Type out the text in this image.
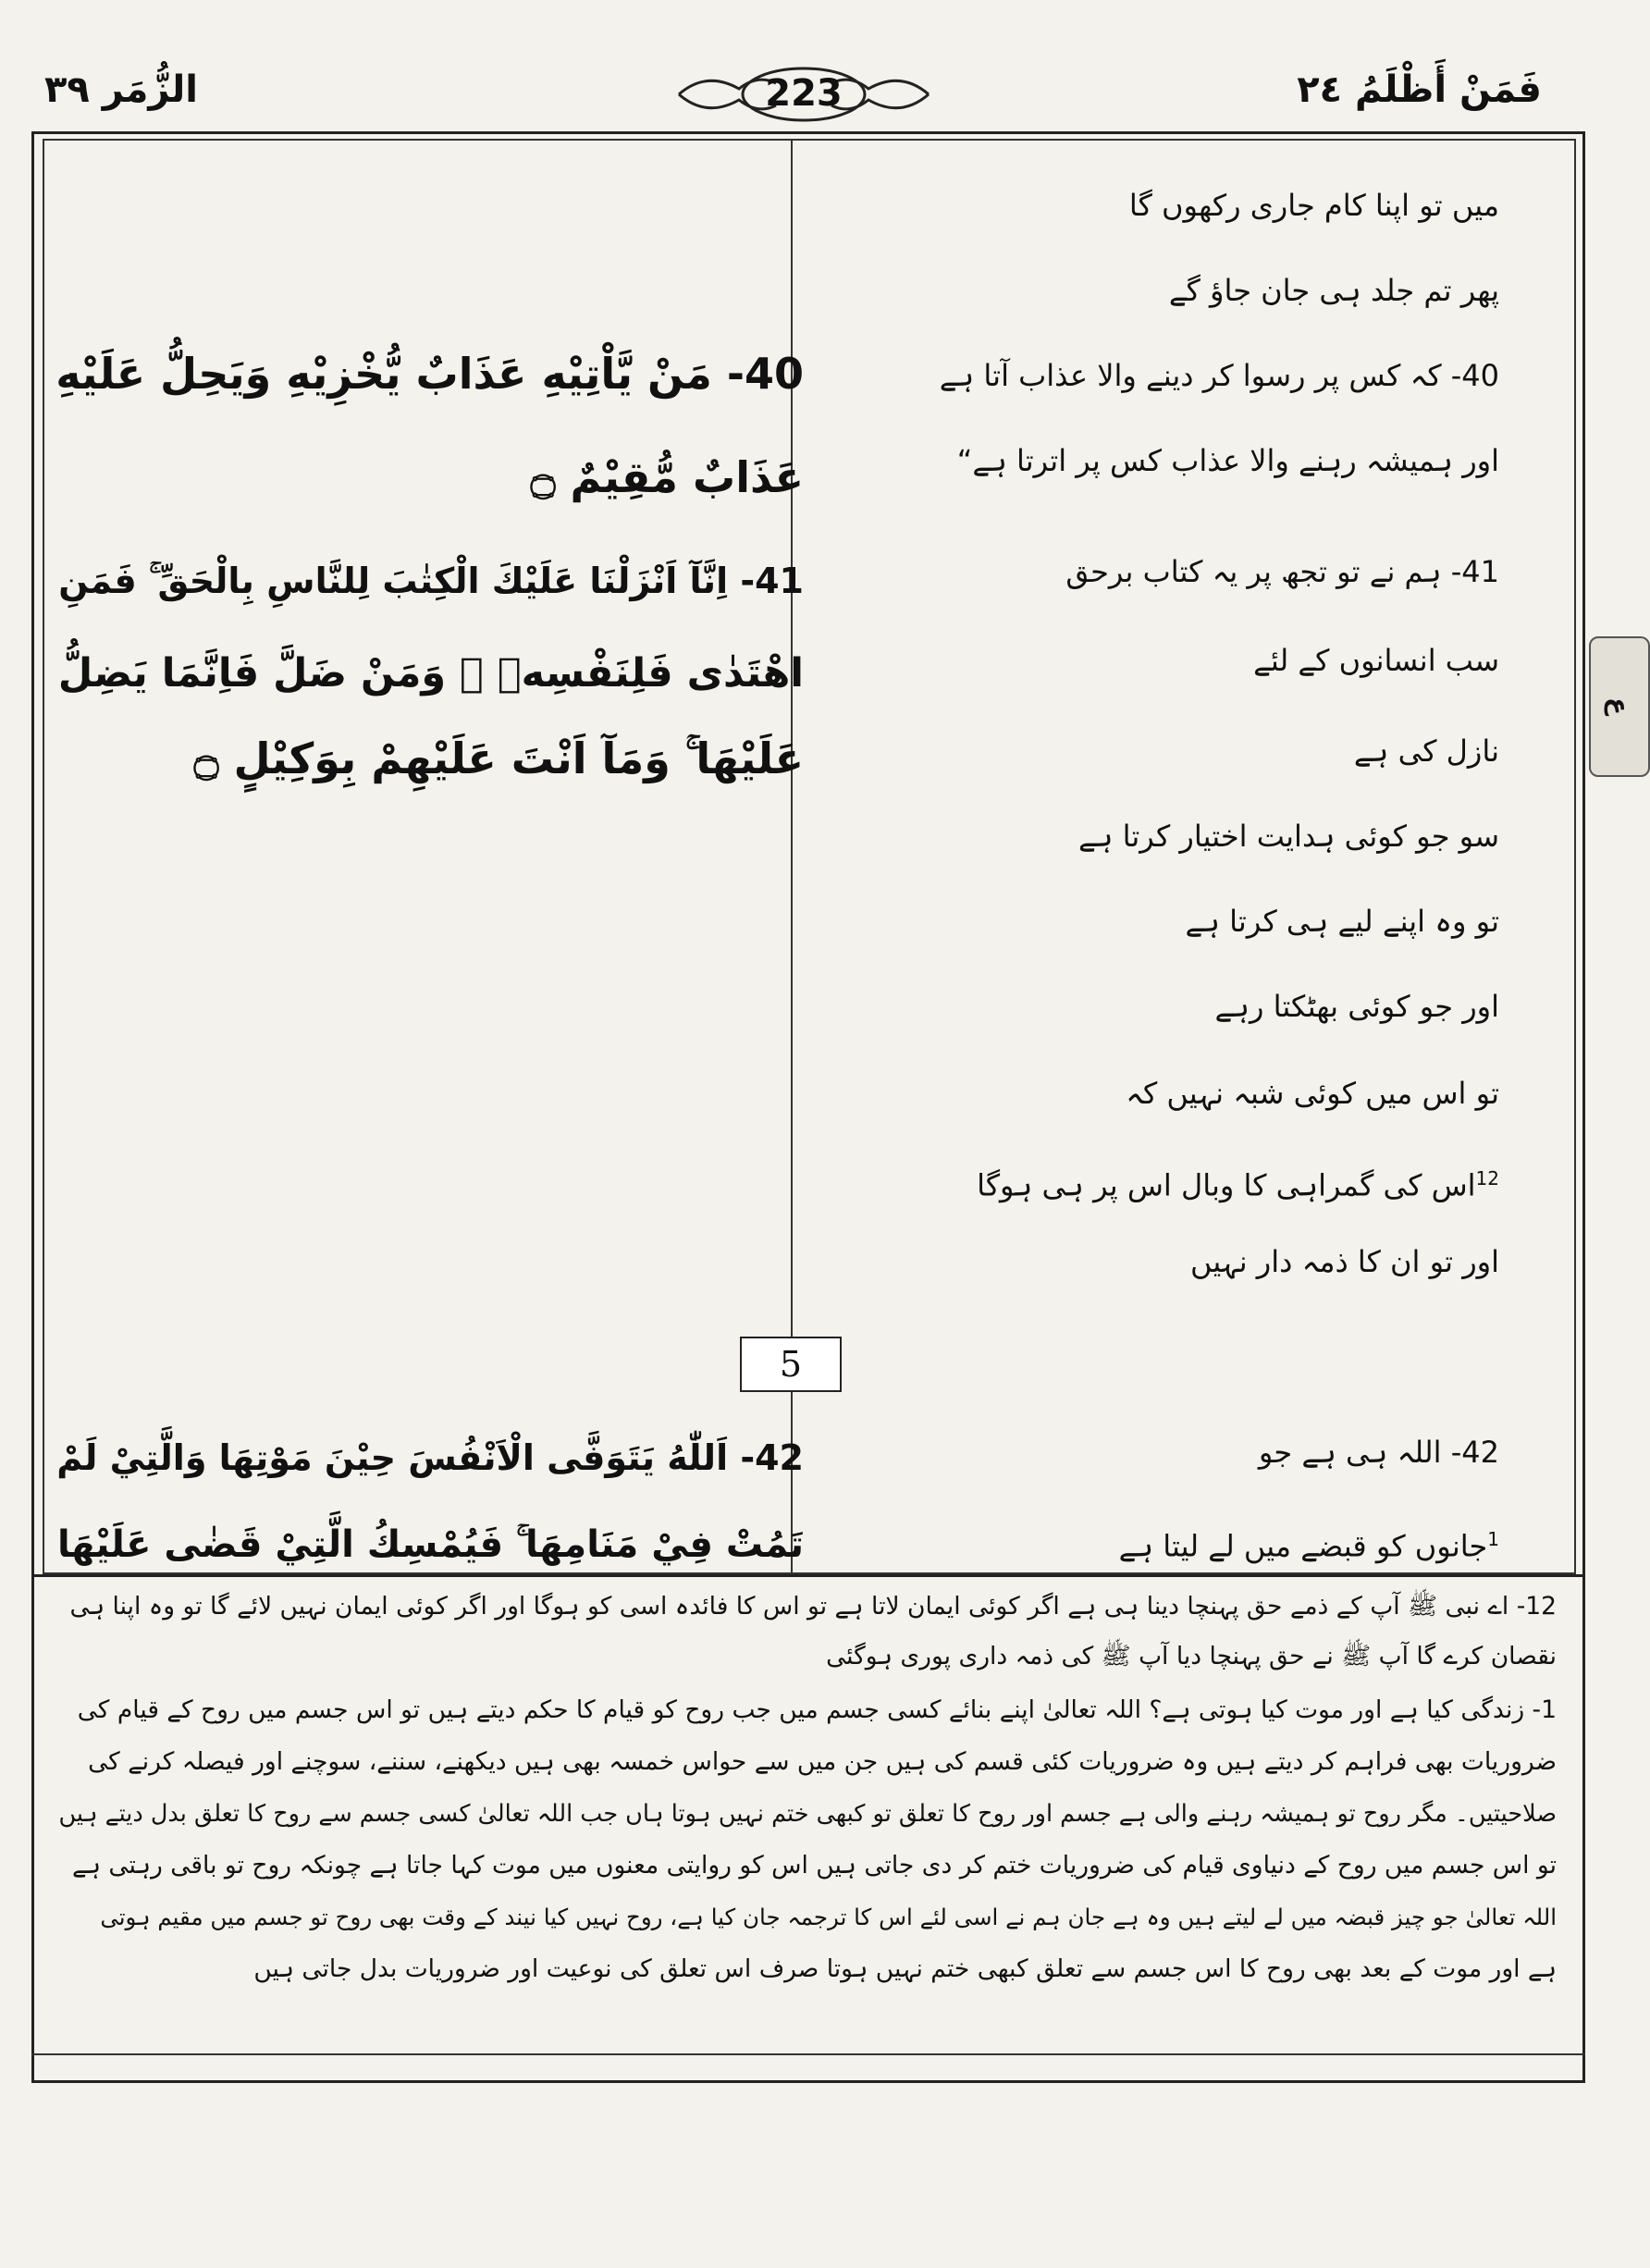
فَمَنْ أَظْلَمُ ٢٤
223
الزُّمَر ٣٩
5
ع
40- مَنْ يَّاْتِيْهِ عَذَابٌ يُّخْزِيْهِ وَيَحِلُّ عَلَيْهِ
عَذَابٌ مُّقِيْمٌ ۝
41- اِنَّآ اَنْزَلْنَا عَلَيْكَ الْكِتٰبَ لِلنَّاسِ بِالْحَقِّ ۚ فَمَنِ
اهْتَدٰى فَلِنَفْسِهٖ ۚ وَمَنْ ضَلَّ فَاِنَّمَا يَضِلُّ
عَلَيْهَا ۚ وَمَآ اَنْتَ عَلَيْهِمْ بِوَكِيْلٍ ۝
42- اَللّٰهُ يَتَوَفَّى الْاَنْفُسَ حِيْنَ مَوْتِهَا وَالَّتِيْ لَمْ
تَمُتْ فِيْ مَنَامِهَا ۚ فَيُمْسِكُ الَّتِيْ قَضٰى عَلَيْهَا
میں تو اپنا کام جاری رکھوں گا
پھر تم جلد ہی جان جاؤ گے
40- کہ کس پر رسوا کر دینے والا عذاب آتا ہے
اور ہمیشہ رہنے والا عذاب کس پر اترتا ہے“
41- ہم نے تو تجھ پر یہ کتاب برحق
سب انسانوں کے لئے
نازل کی ہے
سو جو کوئی ہدایت اختیار کرتا ہے
تو وہ اپنے لیے ہی کرتا ہے
اور جو کوئی بھٹکتا رہے
تو اس میں کوئی شبہ نہیں کہ
$^{12}$اس کی گمراہی کا وبال اس پر ہی ہوگا
اور تو ان کا ذمہ دار نہیں
42- اللہ ہی ہے جو
$^1$جانوں کو قبضے میں لے لیتا ہے
12- اے نبی ﷺ آپ کے ذمے حق پہنچا دینا ہی ہے اگر کوئی ایمان لاتا ہے تو اس کا فائدہ اسی کو ہوگا اور اگر کوئی ایمان نہیں لائے گا تو وہ اپنا ہی
نقصان کرے گا آپ ﷺ نے حق پہنچا دیا آپ ﷺ کی ذمہ داری پوری ہوگئی
1- زندگی کیا ہے اور موت کیا ہوتی ہے؟ اللہ تعالیٰ اپنے بنائے کسی جسم میں جب روح کو قیام کا حکم دیتے ہیں تو اس جسم میں روح کے قیام کی
ضروریات بھی فراہم کر دیتے ہیں وہ ضروریات کئی قسم کی ہیں جن میں سے حواس خمسہ بھی ہیں دیکھنے، سننے، سوچنے اور فیصلہ کرنے کی
صلاحیتیں۔ مگر روح تو ہمیشہ رہنے والی ہے جسم اور روح کا تعلق تو کبھی ختم نہیں ہوتا ہاں جب اللہ تعالیٰ کسی جسم سے روح کا تعلق بدل دیتے ہیں
تو اس جسم میں روح کے دنیاوی قیام کی ضروریات ختم کر دی جاتی ہیں اس کو روایتی معنوں میں موت کہا جاتا ہے چونکہ روح تو باقی رہتی ہے
اللہ تعالیٰ جو چیز قبضہ میں لے لیتے ہیں وہ ہے جان ہم نے اسی لئے اس کا ترجمہ جان کیا ہے، روح نہیں کیا نیند کے وقت بھی روح تو جسم میں مقیم ہوتی
ہے اور موت کے بعد بھی روح کا اس جسم سے تعلق کبھی ختم نہیں ہوتا صرف اس تعلق کی نوعیت اور ضروریات بدل جاتی ہیں
